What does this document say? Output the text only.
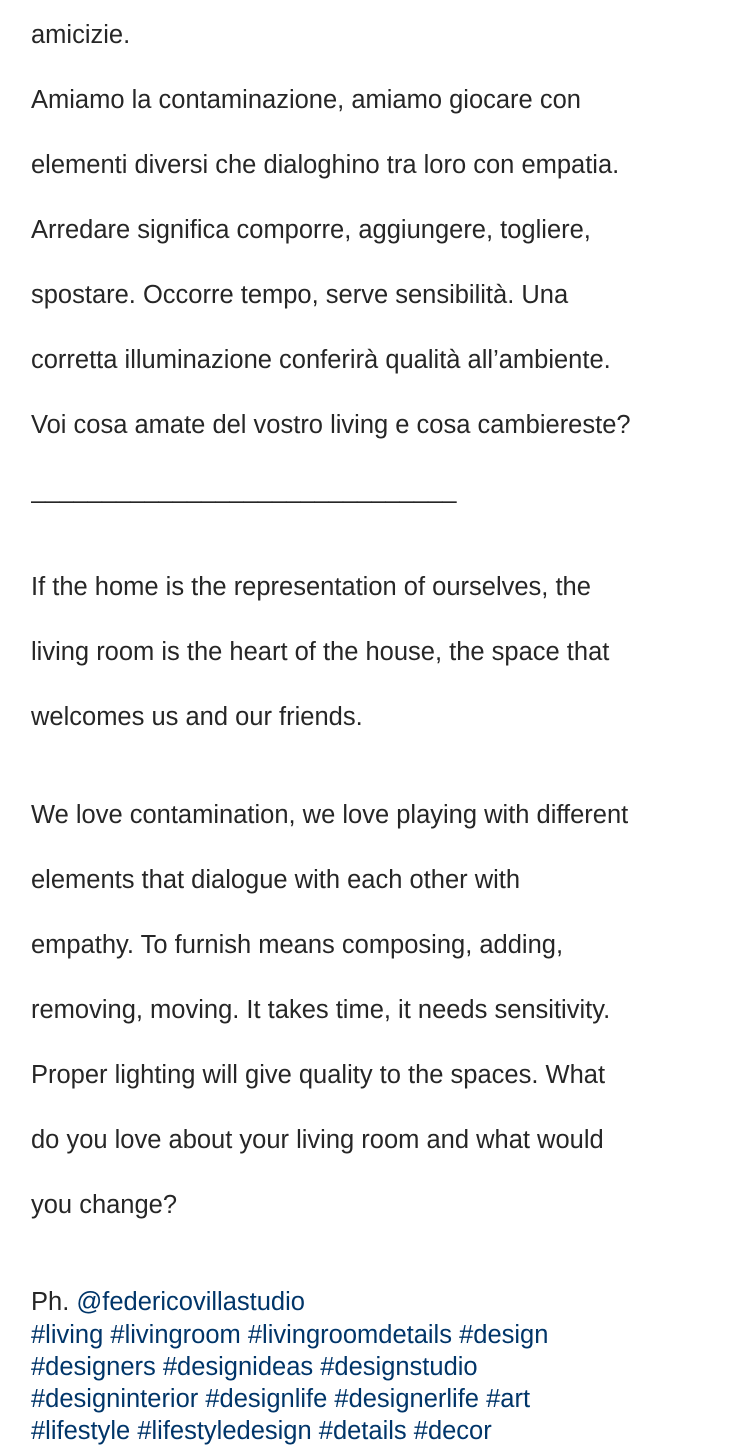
amicizie.

Amiamo la contaminazione, amiamo giocare con

elementi diversi che dialoghino tra loro con empatia.

Arredare significa comporre, aggiungere, togliere,

spostare. Occorre tempo, serve sensibilità. Una

corretta illuminazione conferirà qualità all’ambiente.

Voi cosa amate del vostro living e cosa cambiereste?

______________________________

If the home is the representation of ourselves, the

living room is the heart of the house, the space that

welcomes us and our friends.

We love contamination, we love playing with different

elements that dialogue with each other with

empathy. To furnish means composing, adding,

removing, moving. It takes time, it needs sensitivity.

Proper lighting will give quality to the spaces. What

do you love about your living room and what would

you change?

Ph. @federicovillastudio
#living #livingroom #livingroomdetails #design
#designers #designideas #designstudio
#designinterior #designlife #designerlife #art
#lifestyle #lifestyledesign #details #decor
